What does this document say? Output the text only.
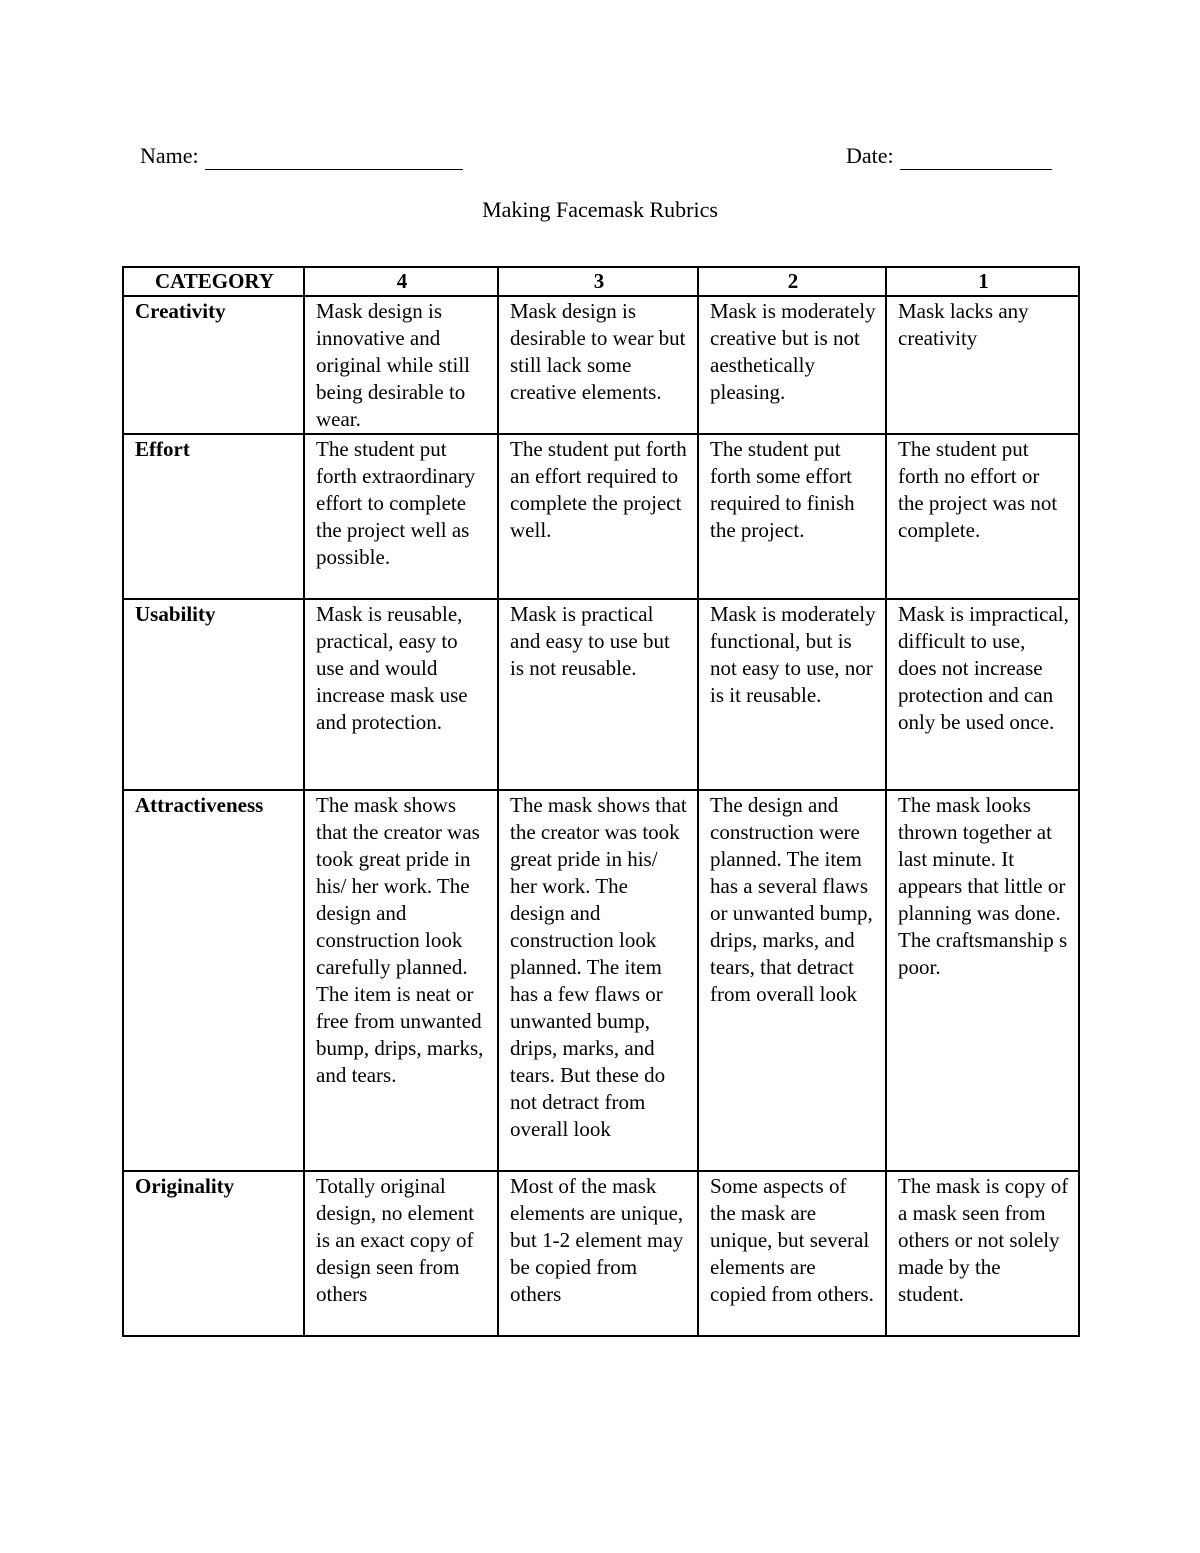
Name:	Date:
Making Facemask Rubrics
CATEGORY	4	3	2	1
Creativity	Mask design is innovative and original while still being desirable to wear.	Mask design is desirable to wear but still lack some creative elements.	Mask is moderately creative but is not aesthetically pleasing.	Mask lacks any creativity
Effort	The student put forth extraordinary effort to complete the project well as possible.	The student put forth an effort required to complete the project well.	The student put forth some effort required to finish the project.	The student put forth no effort or the project was not complete.
Usability	Mask is reusable, practical, easy to use and would increase mask use and protection.	Mask is practical and easy to use but is not reusable.	Mask is moderately functional, but is not easy to use, nor is it reusable.	Mask is impractical, difficult to use, does not increase protection and can only be used once.
Attractiveness	The mask shows that the creator was took great pride in his/ her work. The design and construction look carefully planned. The item is neat or free from unwanted bump, drips, marks, and tears.	The mask shows that the creator was took great pride in his/ her work. The design and construction look planned. The item has a few flaws or unwanted bump, drips, marks, and tears. But these do not detract from overall look	The design and construction were planned. The item has a several flaws or unwanted bump, drips, marks, and tears, that detract from overall look	The mask looks thrown together at last minute. It appears that little or planning was done. The craftsmanship s poor.
Originality	Totally original design, no element is an exact copy of design seen from others	Most of the mask elements are unique, but 1-2 element may be copied from others	Some aspects of the mask are unique, but several elements are copied from others.	The mask is copy of a mask seen from others or not solely made by the student.
